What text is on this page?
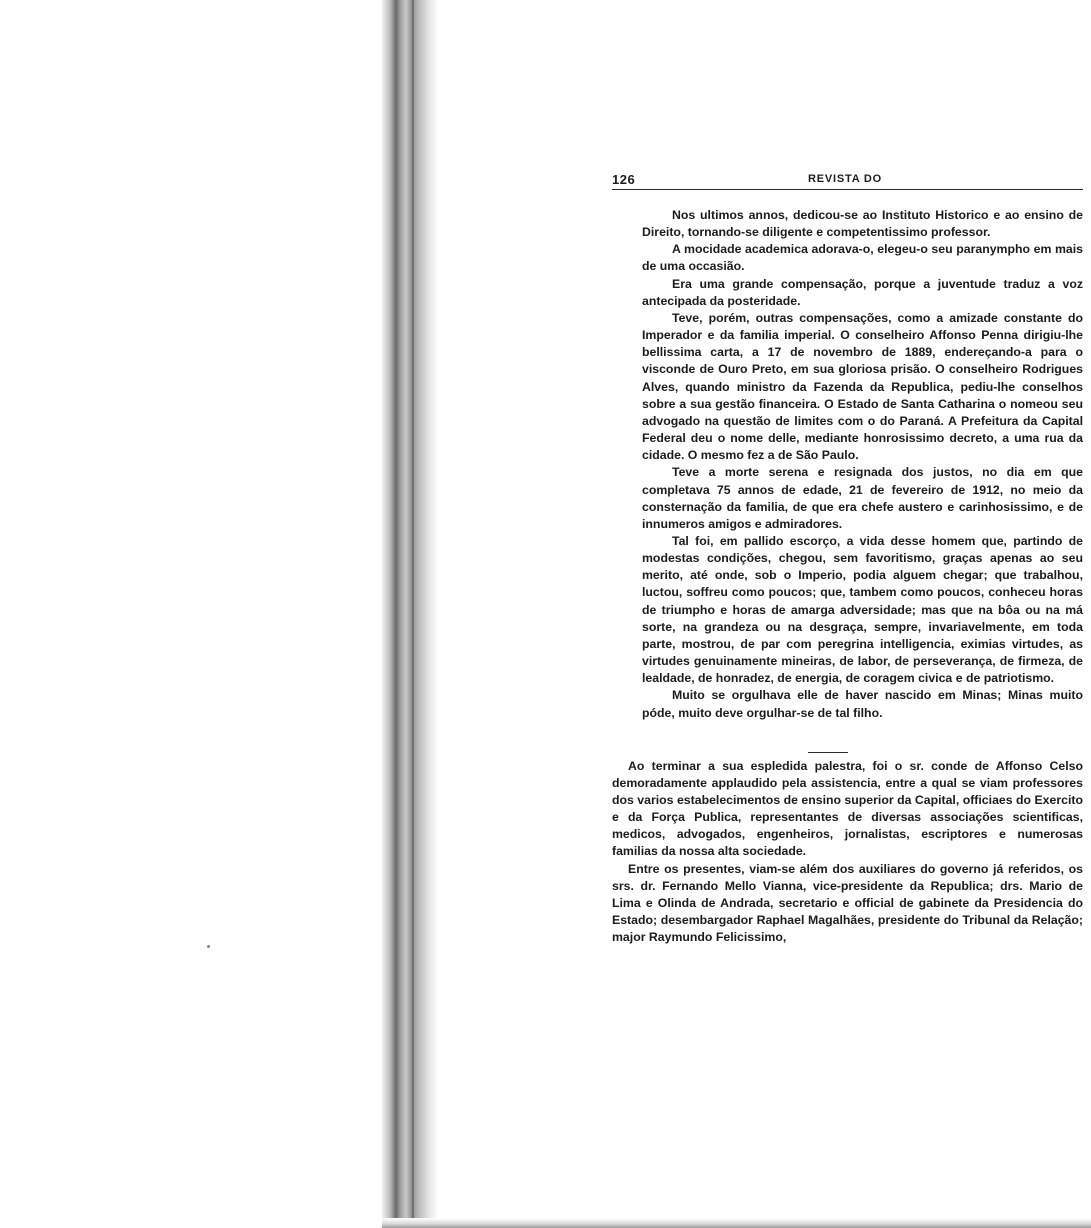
126	REVISTA DO

Nos ultimos annos, dedicou-se ao Instituto Historico e ao ensino de Direito, tornando-se diligente e competentissimo professor.

A mocidade academica adorava-o, elegeu-o seu paranympho em mais de uma occasião.

Era uma grande compensação, porque a juventude traduz a voz antecipada da posteridade.

Teve, porém, outras compensações, como a amizade constante do Imperador e da familia imperial. O conselheiro Affonso Penna dirigiu-lhe bellissima carta, a 17 de novembro de 1889, endereçando-a para o visconde de Ouro Preto, em sua gloriosa prisão. O conselheiro Rodrigues Alves, quando ministro da Fazenda da Republica, pediu-lhe conselhos sobre a sua gestão financeira. O Estado de Santa Catharina o nomeou seu advogado na questão de limites com o do Paraná. A Prefeitura da Capital Federal deu o nome delle, mediante honrosissimo decreto, a uma rua da cidade. O mesmo fez a de São Paulo.

Teve a morte serena e resignada dos justos, no dia em que completava 75 annos de edade, 21 de fevereiro de 1912, no meio da consternação da familia, de que era chefe austero e carinhosissimo, e de innumeros amigos e admiradores.

Tal foi, em pallido escorço, a vida desse homem que, partindo de modestas condições, chegou, sem favoritismo, graças apenas ao seu merito, até onde, sob o Imperio, podia alguem chegar; que trabalhou, luctou, soffreu como poucos; que, tambem como poucos, conheceu horas de triumpho e horas de amarga adversidade; mas que na bôa ou na má sorte, na grandeza ou na desgraça, sempre, invariavelmente, em toda parte, mostrou, de par com peregrina intelligencia, eximias virtudes, as virtudes genuinamente mineiras, de labor, de perseverança, de firmeza, de lealdade, de honradez, de energia, de coragem civica e de patriotismo.

Muito se orgulhava elle de haver nascido em Minas; Minas muito póde, muito deve orgulhar-se de tal filho.

Ao terminar a sua espledida palestra, foi o sr. conde de Affonso Celso demoradamente applaudido pela assistencia, entre a qual se viam professores dos varios estabelecimentos de ensino superior da Capital, officiaes do Exercito e da Força Publica, representantes de diversas associações scientificas, medicos, advogados, engenheiros, jornalistas, escriptores e numerosas familias da nossa alta sociedade.

Entre os presentes, viam-se além dos auxiliares do governo já referidos, os srs. dr. Fernando Mello Vianna, vice-presidente da Republica; drs. Mario de Lima e Olinda de Andrada, secretario e official de gabinete da Presidencia do Estado; desembargador Raphael Magalhães, presidente do Tribunal da Relação; major Raymundo Felicissimo,
